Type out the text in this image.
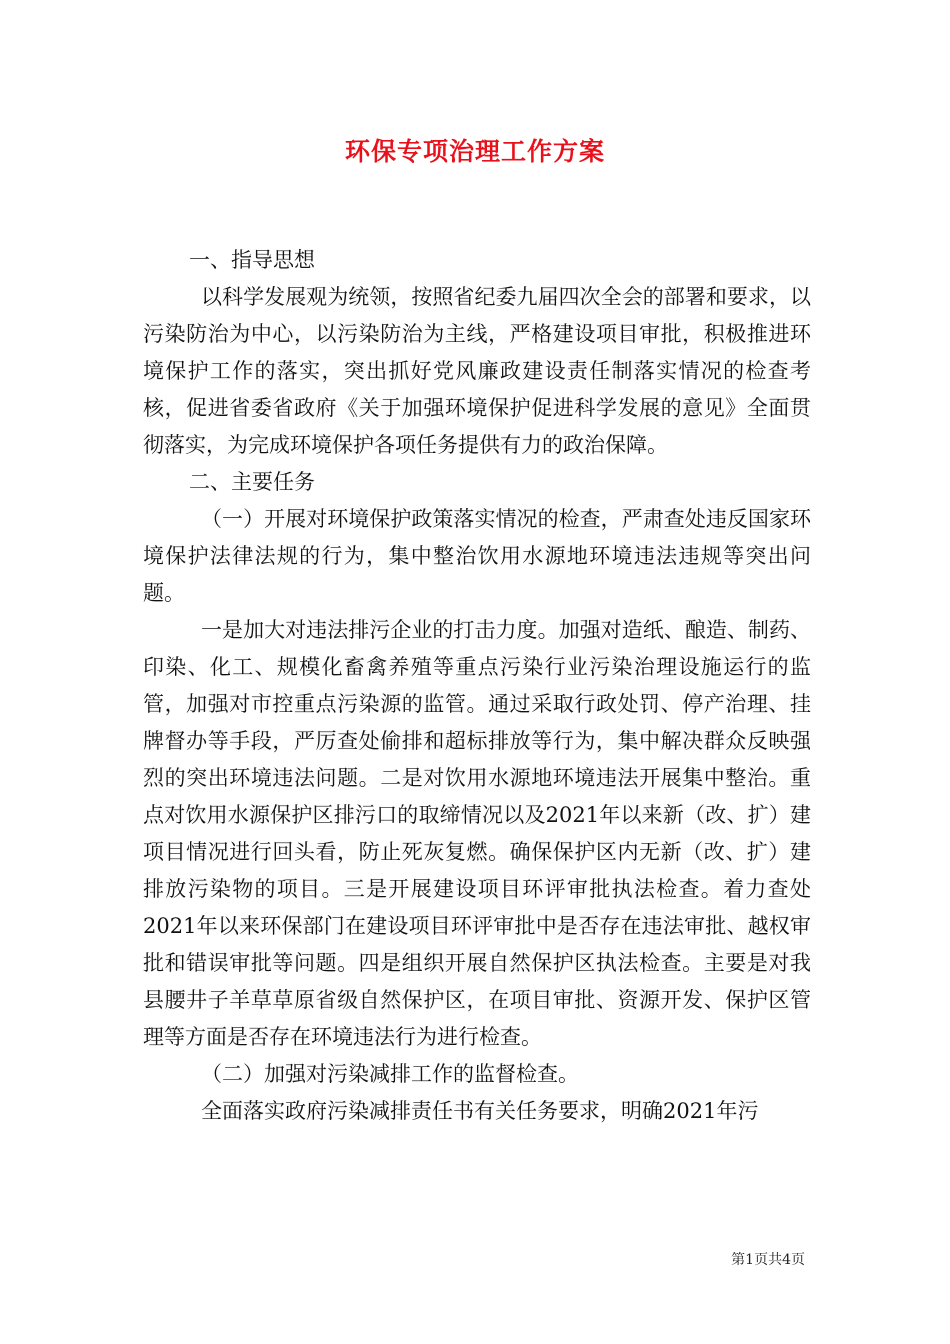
环保专项治理工作方案

一、指导思想

以科学发展观为统领，按照省纪委九届四次全会的部署和要求，以污染防治为中心，以污染防治为主线，严格建设项目审批，积极推进环境保护工作的落实，突出抓好党风廉政建设责任制落实情况的检查考核，促进省委省政府《关于加强环境保护促进科学发展的意见》全面贯彻落实，为完成环境保护各项任务提供有力的政治保障。

二、主要任务

（一）开展对环境保护政策落实情况的检查，严肃查处违反国家环境保护法律法规的行为，集中整治饮用水源地环境违法违规等突出问题。

一是加大对违法排污企业的打击力度。加强对造纸、酿造、制药、印染、化工、规模化畜禽养殖等重点污染行业污染治理设施运行的监管，加强对市控重点污染源的监管。通过采取行政处罚、停产治理、挂牌督办等手段，严厉查处偷排和超标排放等行为，集中解决群众反映强烈的突出环境违法问题。二是对饮用水源地环境违法开展集中整治。重点对饮用水源保护区排污口的取缔情况以及2021年以来新（改、扩）建项目情况进行回头看，防止死灰复燃。确保保护区内无新（改、扩）建排放污染物的项目。三是开展建设项目环评审批执法检查。着力查处2021年以来环保部门在建设项目环评审批中是否存在违法审批、越权审批和错误审批等问题。四是组织开展自然保护区执法检查。主要是对我县腰井子羊草草原省级自然保护区，在项目审批、资源开发、保护区管理等方面是否存在环境违法行为进行检查。

（二）加强对污染减排工作的监督检查。

全面落实政府污染减排责任书有关任务要求，明确2021年污

第1页共4页
